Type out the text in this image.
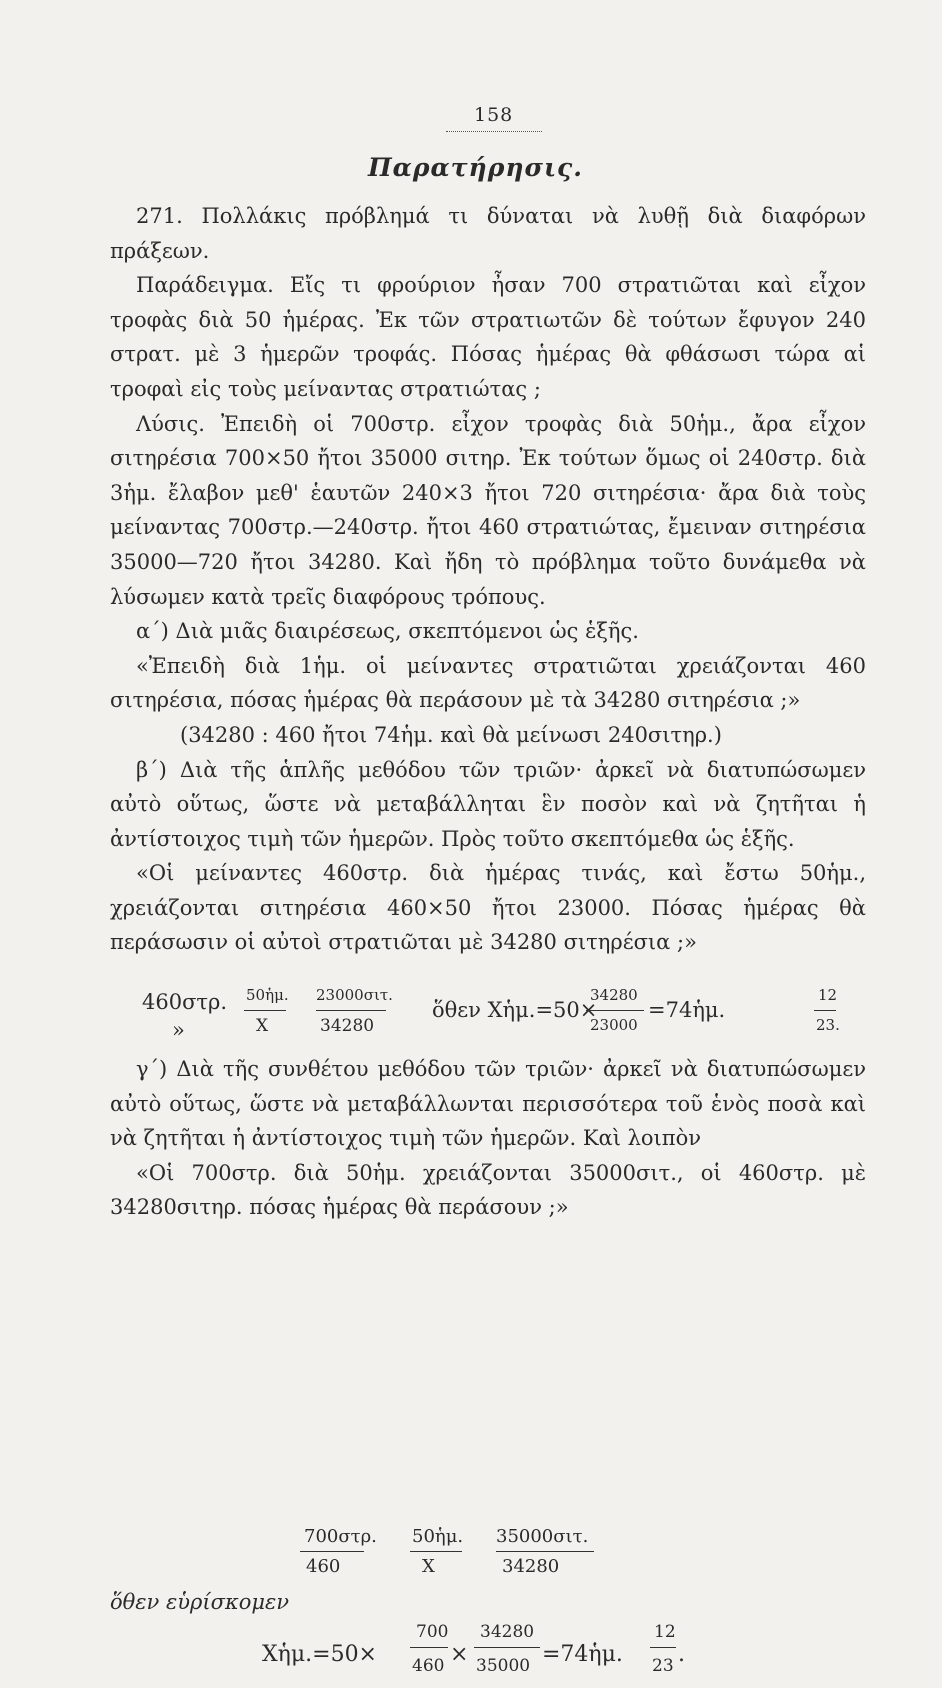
158
Παρατήρησις.

271. Πολλάκις πρόβλημά τι δύναται νὰ λυθῇ διὰ διαφόρων πράξεων.

Παράδειγμα. Εἴς τι φρούριον ἦσαν 700 στρατιῶται καὶ εἶχον τροφὰς διὰ 50 ἡμέρας. Ἐκ τῶν στρατιωτῶν δὲ τούτων ἔφυγον 240 στρατ. μὲ 3 ἡμερῶν τροφάς. Πόσας ἡμέρας θὰ φθάσωσι τώρα αἱ τροφαὶ εἰς τοὺς μείναντας στρατιώτας ;

Λύσις. Ἐπειδὴ οἱ 700στρ. εἶχον τροφὰς διὰ 50ἡμ., ἄρα εἶχον σιτηρέσια 700×50 ἤτοι 35000 σιτηρ. Ἐκ τούτων ὅμως οἱ 240στρ. διὰ 3ἡμ. ἔλαβον μεθ' ἑαυτῶν 240×3 ἤτοι 720 σιτηρέσια· ἄρα διὰ τοὺς μείναντας 700στρ.—240στρ. ἤτοι 460 στρατιώτας, ἔμειναν σιτηρέσια 35000—720 ἤτοι 34280. Καὶ ἤδη τὸ πρόβλημα τοῦτο δυνάμεθα νὰ λύσωμεν κατὰ τρεῖς διαφόρους τρόπους.

α΄) Διὰ μιᾶς διαιρέσεως, σκεπτόμενοι ὡς ἑξῆς.

«Ἐπειδὴ διὰ 1ἡμ. οἱ μείναντες στρατιῶται χρειάζονται 460 σιτηρέσια, πόσας ἡμέρας θὰ περάσουν μὲ τὰ 34280 σιτηρέσια ;»

(34280 : 460 ἤτοι 74ἡμ. καὶ θὰ μείνωσι 240σιτηρ.)

β΄) Διὰ τῆς ἁπλῆς μεθόδου τῶν τριῶν· ἀρκεῖ νὰ διατυπώσωμεν αὐτὸ οὕτως, ὥστε νὰ μεταβάλληται ἓν ποσὸν καὶ νὰ ζητῆται ἡ ἀντίστοιχος τιμὴ τῶν ἡμερῶν. Πρὸς τοῦτο σκεπτόμεθα ὡς ἑξῆς.

«Οἱ μείναντες 460στρ. διὰ ἡμέρας τινάς, καὶ ἔστω 50ἡμ., χρειάζονται σιτηρέσια 460×50 ἤτοι 23000. Πόσας ἡμέρας θὰ περάσωσιν οἱ αὐτοὶ στρατιῶται μὲ 34280 σιτηρέσια ;»

460στρ. 50ἡμ. 23000σιτ.
»	Χ	34280
ὅθεν Χἡμ.=50×
34280
23000
=74ἡμ.
12
23.

γ΄) Διὰ τῆς συνθέτου μεθόδου τῶν τριῶν· ἀρκεῖ νὰ διατυπώσωμεν αὐτὸ οὕτως, ὥστε νὰ μεταβάλλωνται περισσότερα τοῦ ἑνὸς ποσὰ καὶ νὰ ζητῆται ἡ ἀντίστοιχος τιμὴ τῶν ἡμερῶν. Καὶ λοιπὸν

«Οἱ 700στρ. διὰ 50ἡμ. χρειάζονται 35000σιτ., οἱ 460στρ. μὲ 34280σιτηρ. πόσας ἡμέρας θὰ περάσουν ;»

700στρ. 50ἡμ. 35000σιτ.
460	Χ	34280
ὅθεν εὑρίσκομεν
Χἡμ.=50×
700
460 ×
34280
35000 =74ἡμ.
12
23 .
